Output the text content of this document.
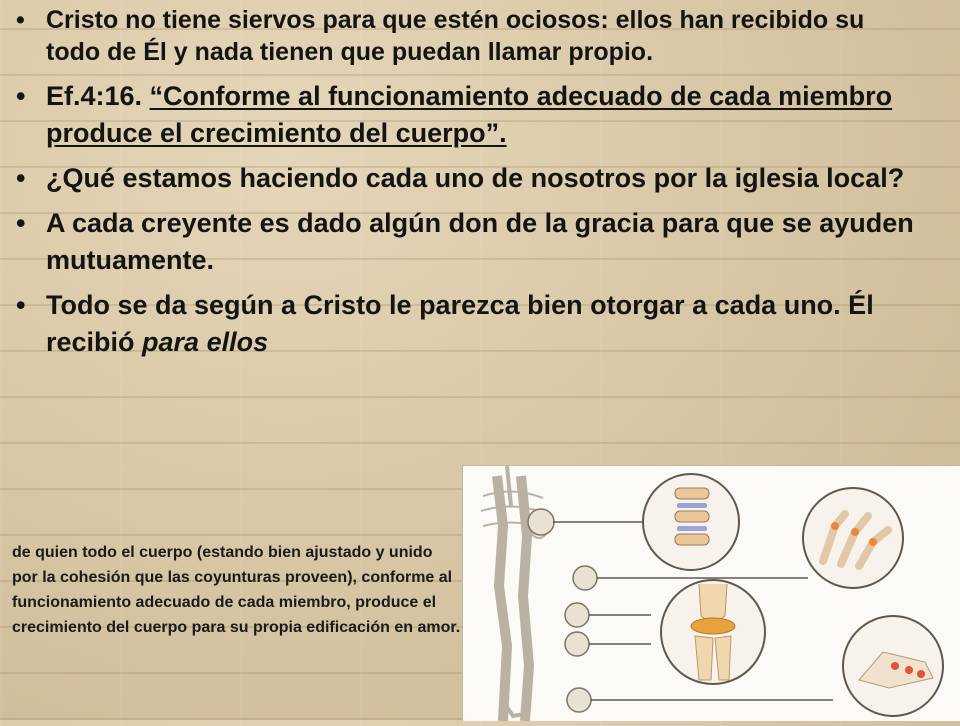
• Cristo no tiene siervos para que estén ociosos: ellos han recibido su todo de Él y nada tienen que puedan llamar propio.
• Ef.4:16. “Conforme al funcionamiento adecuado de cada miembro produce el crecimiento del cuerpo”.
• ¿Qué estamos haciendo cada uno de nosotros por la iglesia local?
• A cada creyente es dado algún don de la gracia para que se ayuden mutuamente.
• Todo se da según a Cristo le parezca bien otorgar a cada uno. Él recibió para ellos
de quien todo el cuerpo (estando bien ajustado y unido por la cohesión que las coyunturas proveen), conforme al funcionamiento adecuado de cada miembro, produce el crecimiento del cuerpo para su propia edificación en amor.
